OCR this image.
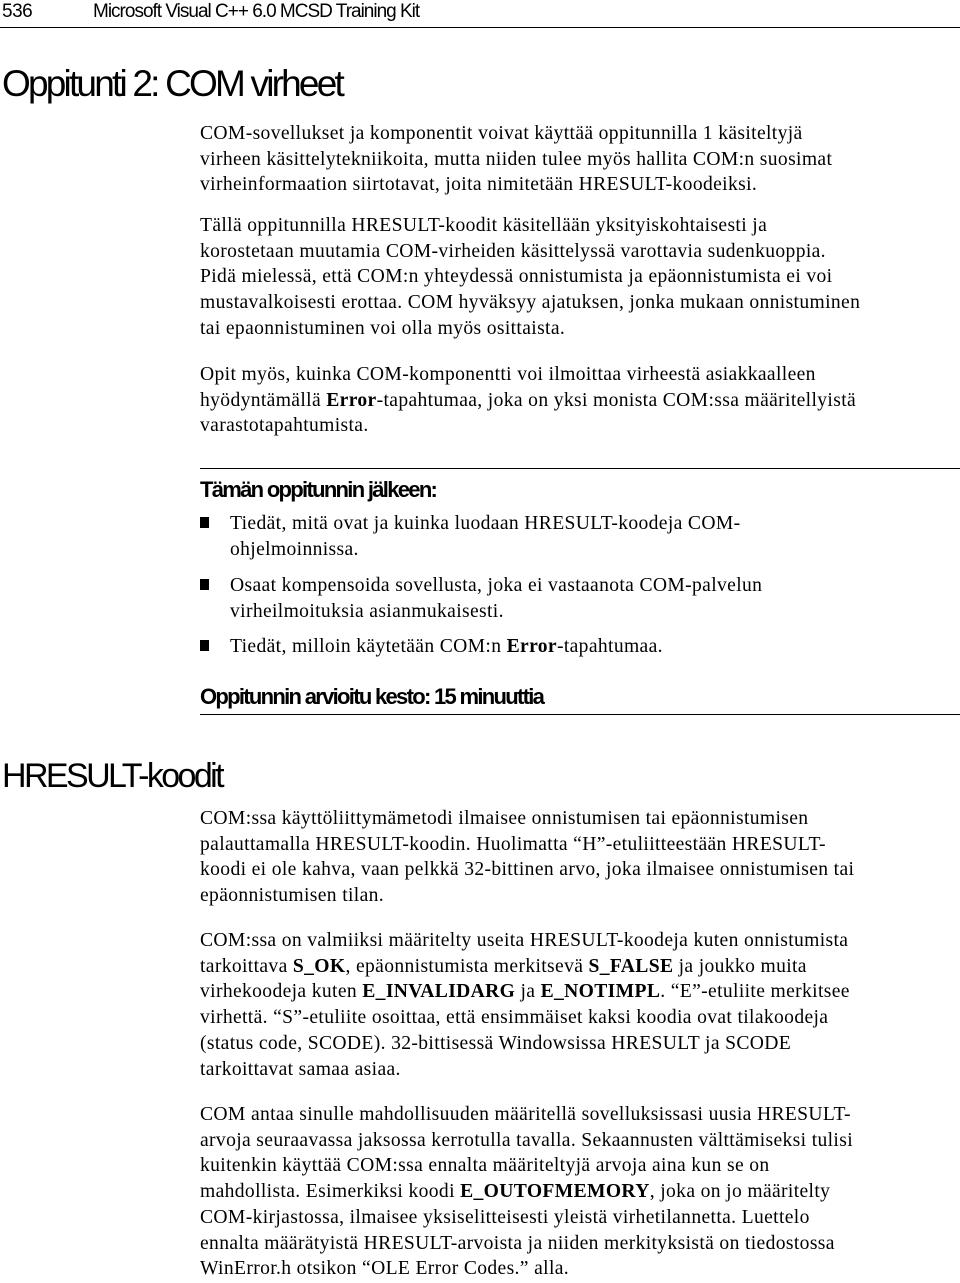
536	Microsoft Visual C++ 6.0 MCSD Training Kit
Oppitunti 2: COM virheet

COM-sovellukset ja komponentit voivat käyttää oppitunnilla 1 käsiteltyjä
virheen käsittelytekniikoita, mutta niiden tulee myös hallita COM:n suosimat
virheinformaation siirtotavat, joita nimitetään HRESULT-koodeiksi.

Tällä oppitunnilla HRESULT-koodit käsitellään yksityiskohtaisesti ja
korostetaan muutamia COM-virheiden käsittelyssä varottavia sudenkuoppia.
Pidä mielessä, että COM:n yhteydessä onnistumista ja epäonnistumista ei voi
mustavalkoisesti erottaa. COM hyväksyy ajatuksen, jonka mukaan onnistuminen
tai epaonnistuminen voi olla myös osittaista.

Opit myös, kuinka COM-komponentti voi ilmoittaa virheestä asiakkaalleen
hyödyntämällä Error-tapahtumaa, joka on yksi monista COM:ssa määritellyistä
varastotapahtumista.

Tämän oppitunnin jälkeen:

Tiedät, mitä ovat ja kuinka luodaan HRESULT-koodeja COM-
ohjelmoinnissa.

Osaat kompensoida sovellusta, joka ei vastaanota COM-palvelun
virheilmoituksia asianmukaisesti.

Tiedät, milloin käytetään COM:n Error-tapahtumaa.

Oppitunnin arvioitu kesto: 15 minuuttia
HRESULT-koodit

COM:ssa käyttöliittymämetodi ilmaisee onnistumisen tai epäonnistumisen
palauttamalla HRESULT-koodin. Huolimatta “H”-etuliitteestään HRESULT-
koodi ei ole kahva, vaan pelkkä 32-bittinen arvo, joka ilmaisee onnistumisen tai
epäonnistumisen tilan.

COM:ssa on valmiiksi määritelty useita HRESULT-koodeja kuten onnistumista
tarkoittava S_OK, epäonnistumista merkitsevä S_FALSE ja joukko muita
virhekoodeja kuten E_INVALIDARG ja E_NOTIMPL. “E”-etuliite merkitsee
virhettä. “S”-etuliite osoittaa, että ensimmäiset kaksi koodia ovat tilakoodeja
(status code, SCODE). 32-bittisessä Windowsissa HRESULT ja SCODE
tarkoittavat samaa asiaa.

COM antaa sinulle mahdollisuuden määritellä sovelluksissasi uusia HRESULT-
arvoja seuraavassa jaksossa kerrotulla tavalla. Sekaannusten välttämiseksi tulisi
kuitenkin käyttää COM:ssa ennalta määriteltyjä arvoja aina kun se on
mahdollista. Esimerkiksi koodi E_OUTOFMEMORY, joka on jo määritelty
COM-kirjastossa, ilmaisee yksiselitteisesti yleistä virhetilannetta. Luettelo
ennalta määrätyistä HRESULT-arvoista ja niiden merkityksistä on tiedostossa
WinError.h otsikon “OLE Error Codes.” alla.
